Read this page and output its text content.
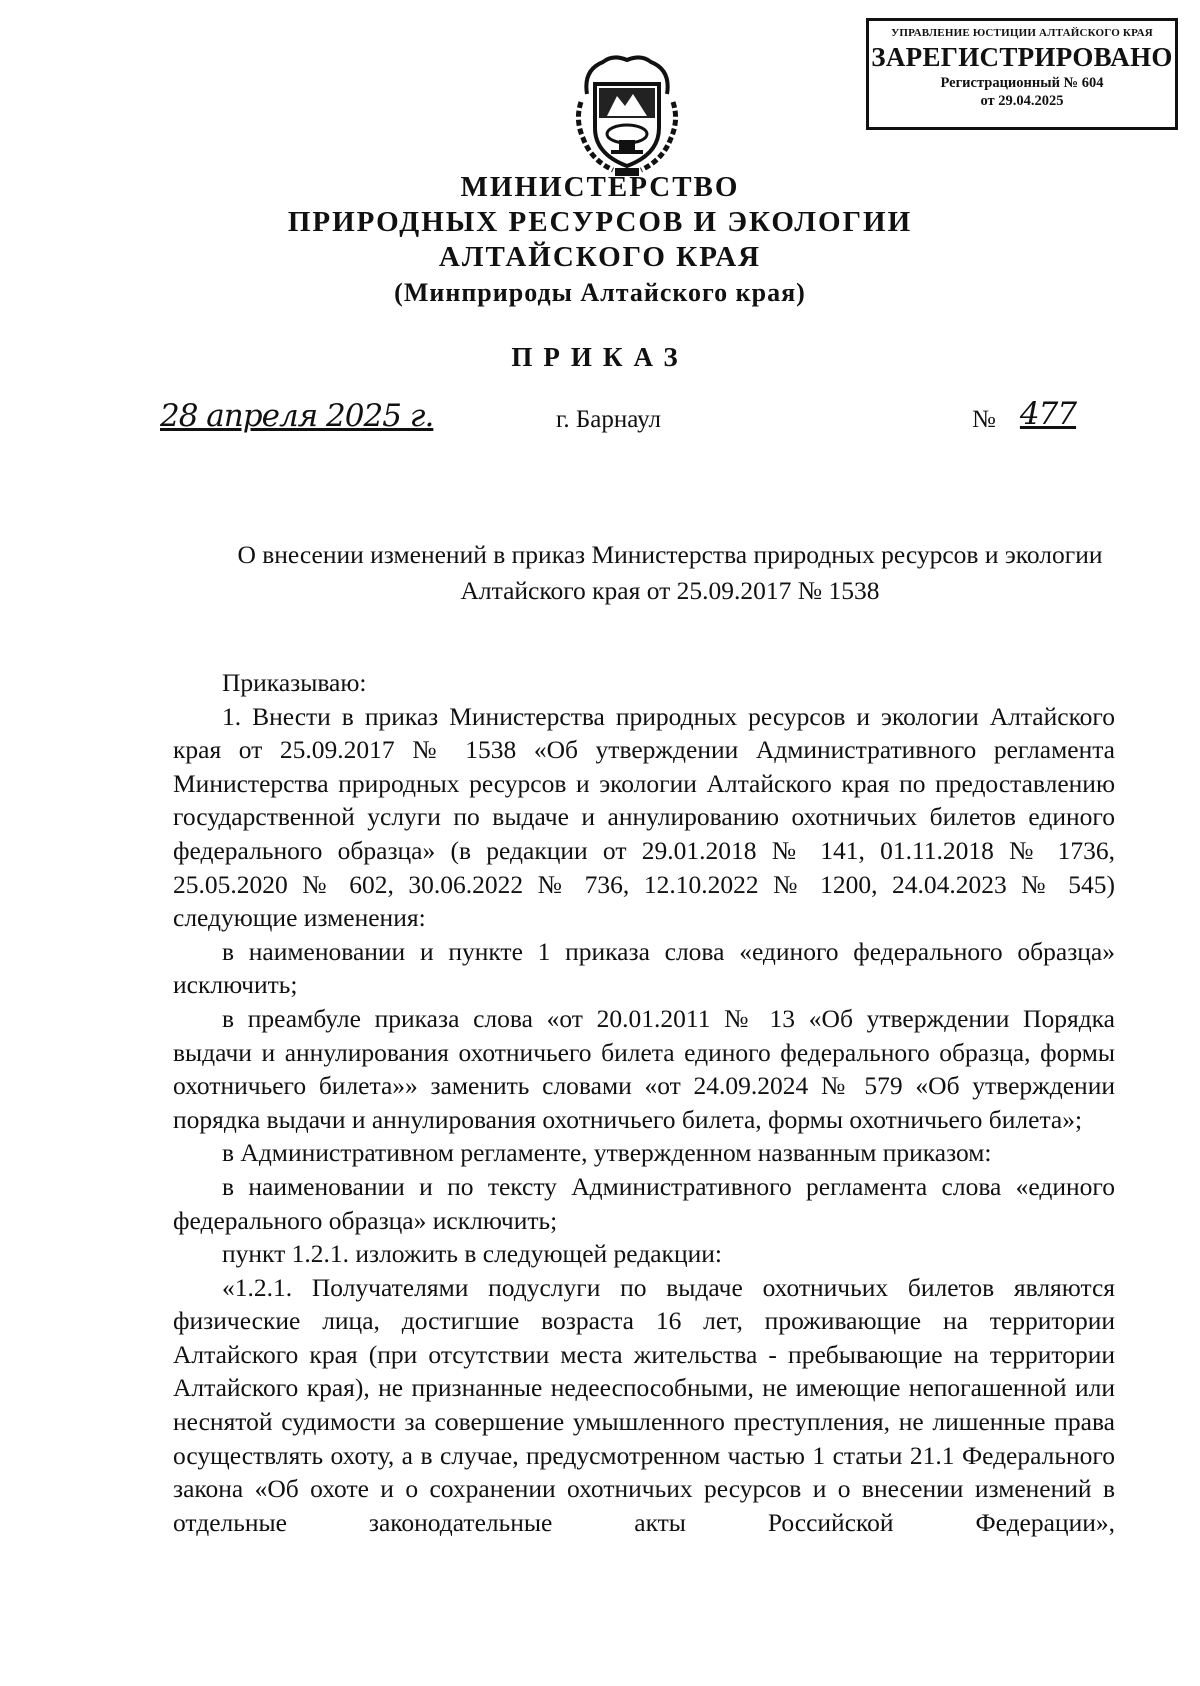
УПРАВЛЕНИЕ ЮСТИЦИИ АЛТАЙСКОГО КРАЯ
ЗАРЕГИСТРИРОВАНО
Регистрационный № 604
от 29.04.2025
МИНИСТЕРСТВО
ПРИРОДНЫХ РЕСУРСОВ И ЭКОЛОГИИ
АЛТАЙСКОГО КРАЯ
(Минприроды Алтайского края)
ПРИКАЗ
28 апреля 2025 г.	г. Барнаул	№ 477
О внесении изменений в приказ Министерства природных ресурсов и экологии Алтайского края от 25.09.2017 № 1538

Приказываю:

1. Внести в приказ Министерства природных ресурсов и экологии Алтайского края от 25.09.2017 № 1538 «Об утверждении Административного регламента Министерства природных ресурсов и экологии Алтайского края по предоставлению государственной услуги по выдаче и аннулированию охотничьих билетов единого федерального образца» (в редакции от 29.01.2018 № 141, 01.11.2018 № 1736, 25.05.2020 № 602, 30.06.2022 № 736, 12.10.2022 № 1200, 24.04.2023 № 545) следующие изменения:

в наименовании и пункте 1 приказа слова «единого федерального образца» исключить;

в преамбуле приказа слова «от 20.01.2011 № 13 «Об утверждении Порядка выдачи и аннулирования охотничьего билета единого федерального образца, формы охотничьего билета»» заменить словами «от 24.09.2024 № 579 «Об утверждении порядка выдачи и аннулирования охотничьего билета, формы охотничьего билета»;

в Административном регламенте, утвержденном названным приказом:

в наименовании и по тексту Административного регламента слова «единого федерального образца» исключить;

пункт 1.2.1. изложить в следующей редакции:

«1.2.1. Получателями подуслуги по выдаче охотничьих билетов являются физические лица, достигшие возраста 16 лет, проживающие на территории Алтайского края (при отсутствии места жительства - пребывающие на территории Алтайского края), не признанные недееспособными, не имеющие непогашенной или неснятой судимости за совершение умышленного преступления, не лишенные права осуществлять охоту, а в случае, предусмотренном частью 1 статьи 21.1 Федерального закона «Об охоте и о сохранении охотничьих ресурсов и о внесении изменений в отдельные законодательные акты Российской Федерации»,
